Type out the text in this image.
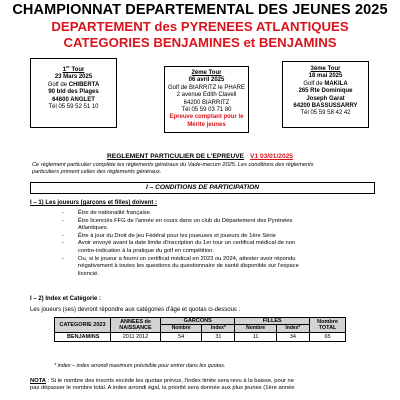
CHAMPIONNAT DEPARTEMENTAL DES JEUNES 2025
DEPARTEMENT des PYRENEES ATLANTIQUES
CATEGORIES BENJAMINES et BENJAMINS
1er Tour
23 Mars 2025
Golf de CHIBERTA
90 bld des Plages
64600 ANGLET
Tél 05 59 52 51 10
2ème Tour
06 avril 2025
Golf de BIARRITZ le PHARE
2 avenue Edith Clavell
64200 BIARRITZ
Tél 05 59 03 71 80
Epreuve comptant pour le
Mérite jeunes
3ème Tour
18 mai 2025
Golf de MAKILA
265 Rte Dominique
Joseph Garat
64200 BASSUSSARRY
Tél 05 59 58 42 42
REGLEMENT PARTICULIER DE L'EPREUVE V1 03/01/2025
Ce règlement particulier complète les règlements généraux du Vade-mecum 2025. Les conditions des règlements
particuliers priment celles des règlements généraux.
I – CONDITIONS DE PARTICIPATION
I – 1) Les joueurs (garçons et filles) doivent :
- Être de nationalité française.
- Être licenciés FFG de l'année en cours dans un club du Département des Pyrénées
Atlantiques.
- Être à jour du Droit de jeu Fédéral pour les joueuses et joueurs de 1ère Série
- Avoir envoyé avant la date limite d'inscription du 1er tour un certificat médical de non
contre-indication à la pratique du golf en compétition.
- Ou, si le joueur a fourni un certificat médical en 2023 ou 2024, attester avoir répondu
négativement à toutes les questions du questionnaire de santé disponible sur l'espace
licencié.
I – 2) Index et Catégorie :
Les joueurs (ses) devront répondre aux catégories d'âge et quotas ci-dessous :
CATEGORIE 2023	ANNEES de NAISSANCE	GARCONS		FILLES		Nombre TOTAL
		Nombre	Index*	Nombre	Index*	
BENJAMINS	2011 2012	54	31	11	34	65
* index – index arrondi maximum prévisible pour entrer dans les quotas.
NOTA : Si le nombre des inscrits excède les quotas prévus, l'index limite sera revu à la baisse, pour ne
pas dépasser le nombre total. A index arrondi égal, la priorité sera donnée aux plus jeunes (1ère année
